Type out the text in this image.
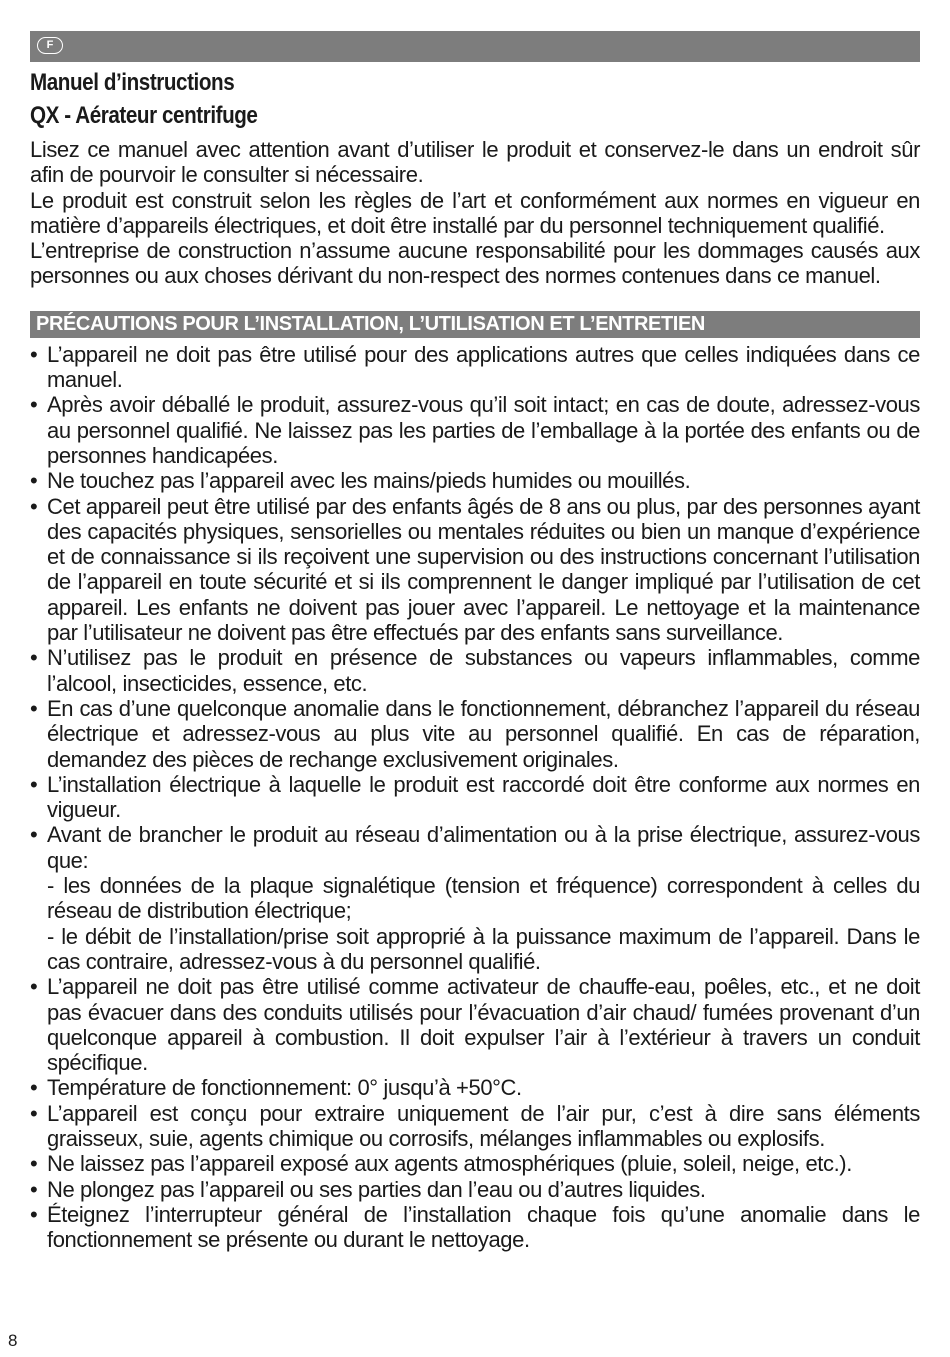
F
Manuel d’instructions
QX - Aérateur centrifuge

Lisez ce manuel avec attention avant d’utiliser le produit et conservez-le dans un endroit sûr afin de pourvoir le consulter si nécessaire.

Le produit est construit selon les règles de l’art et conformément aux normes en vigueur en matière d’appareils électriques, et doit être installé par du personnel techniquement qualifié.

L’entreprise de construction n’assume aucune responsabilité pour les dommages causés aux personnes ou aux choses dérivant du non-respect des normes contenues dans ce manuel.

PRÉCAUTIONS POUR L’INSTALLATION, L’UTILISATION ET L’ENTRETIEN
• L’appareil ne doit pas être utilisé pour des applications autres que celles indiquées dans ce manuel.
• Après avoir déballé le produit, assurez-vous qu’il soit intact; en cas de doute, adressez-vous au personnel qualifié. Ne laissez pas les parties de l’emballage à la portée des enfants ou de personnes handicapées.
• Ne touchez pas l’appareil avec les mains/pieds humides ou mouillés.
• Cet appareil peut être utilisé par des enfants âgés de 8 ans ou plus, par des personnes ayant des capacités physiques, sensorielles ou mentales réduites ou bien un manque d’expérience et de connaissance si ils reçoivent une supervision ou des instructions concernant l’utilisation de l’appareil en toute sécurité et si ils comprennent le danger impliqué par l’utilisation de cet appareil. Les enfants ne doivent pas jouer avec l’appareil. Le nettoyage et la maintenance par l’utilisateur ne doivent pas être effectués par des enfants sans surveillance.
• N’utilisez pas le produit en présence de substances ou vapeurs inflammables, comme l’alcool, insecticides, essence, etc.
• En cas d’une quelconque anomalie dans le fonctionnement, débranchez l’appareil du réseau électrique et adressez-vous au plus vite au personnel qualifié. En cas de réparation, demandez des pièces de rechange exclusivement originales.
• L’installation électrique à laquelle le produit est raccordé doit être conforme aux normes en vigueur.
• Avant de brancher le produit au réseau d’alimentation ou à la prise électrique, assurez-vous que:
- les données de la plaque signalétique (tension et fréquence) correspondent à celles du réseau de distribution électrique;
- le débit de l’installation/prise soit approprié à la puissance maximum de l’appareil. Dans le cas contraire, adressez-vous à du personnel qualifié.
• L’appareil ne doit pas être utilisé comme activateur de chauffe-eau, poêles, etc., et ne doit pas évacuer dans des conduits utilisés pour l’évacuation d’air chaud/ fumées provenant d’un quelconque appareil à combustion. Il doit expulser l’air à l’extérieur à travers un conduit spécifique.
• Température de fonctionnement: 0° jusqu’à +50°C.
• L’appareil est conçu pour extraire uniquement de l’air pur, c’est à dire sans éléments graisseux, suie, agents chimique ou corrosifs, mélanges inflammables ou explosifs.
• Ne laissez pas l’appareil exposé aux agents atmosphériques (pluie, soleil, neige, etc.).
• Ne plongez pas l’appareil ou ses parties dan l’eau ou d’autres liquides.
• Éteignez l’interrupteur général de l’installation chaque fois qu’une anomalie dans le fonctionnement se présente ou durant le nettoyage.
8
